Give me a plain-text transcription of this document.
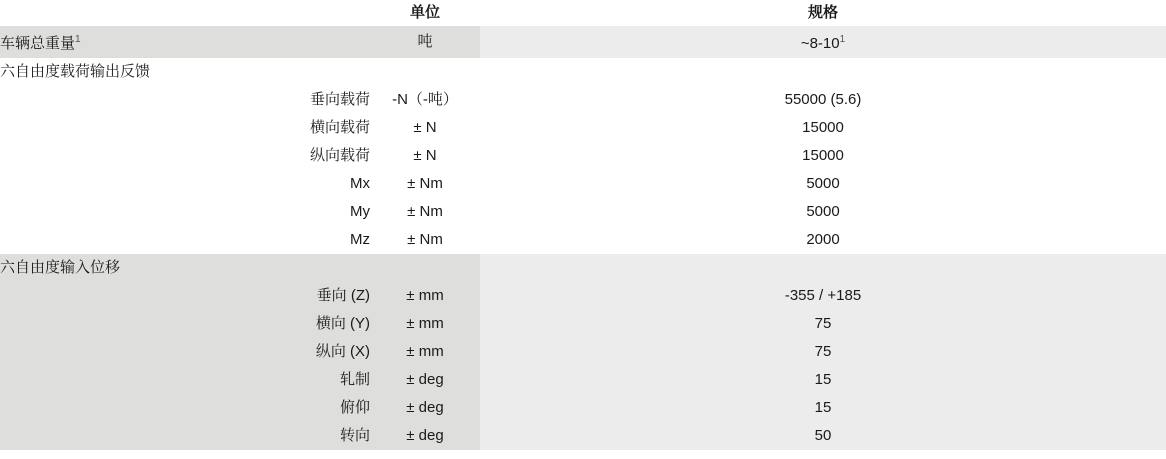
	单位	规格
车辆总重量$^1$	吨	$\sim 8-10^1$
六自由度载荷输出反馈		
垂向载荷	-N（-吨）	55000 (5.6)
横向载荷	± N	15000
纵向载荷	± N	15000
Mx	± Nm	5000
My	± Nm	5000
Mz	± Nm	2000
六自由度输入位移		
垂向 (Z)	± mm	-355 / +185
横向 (Y)	± mm	75
纵向 (X)	± mm	75
轧制	± deg	15
俯仰	± deg	15
转向	± deg	50
